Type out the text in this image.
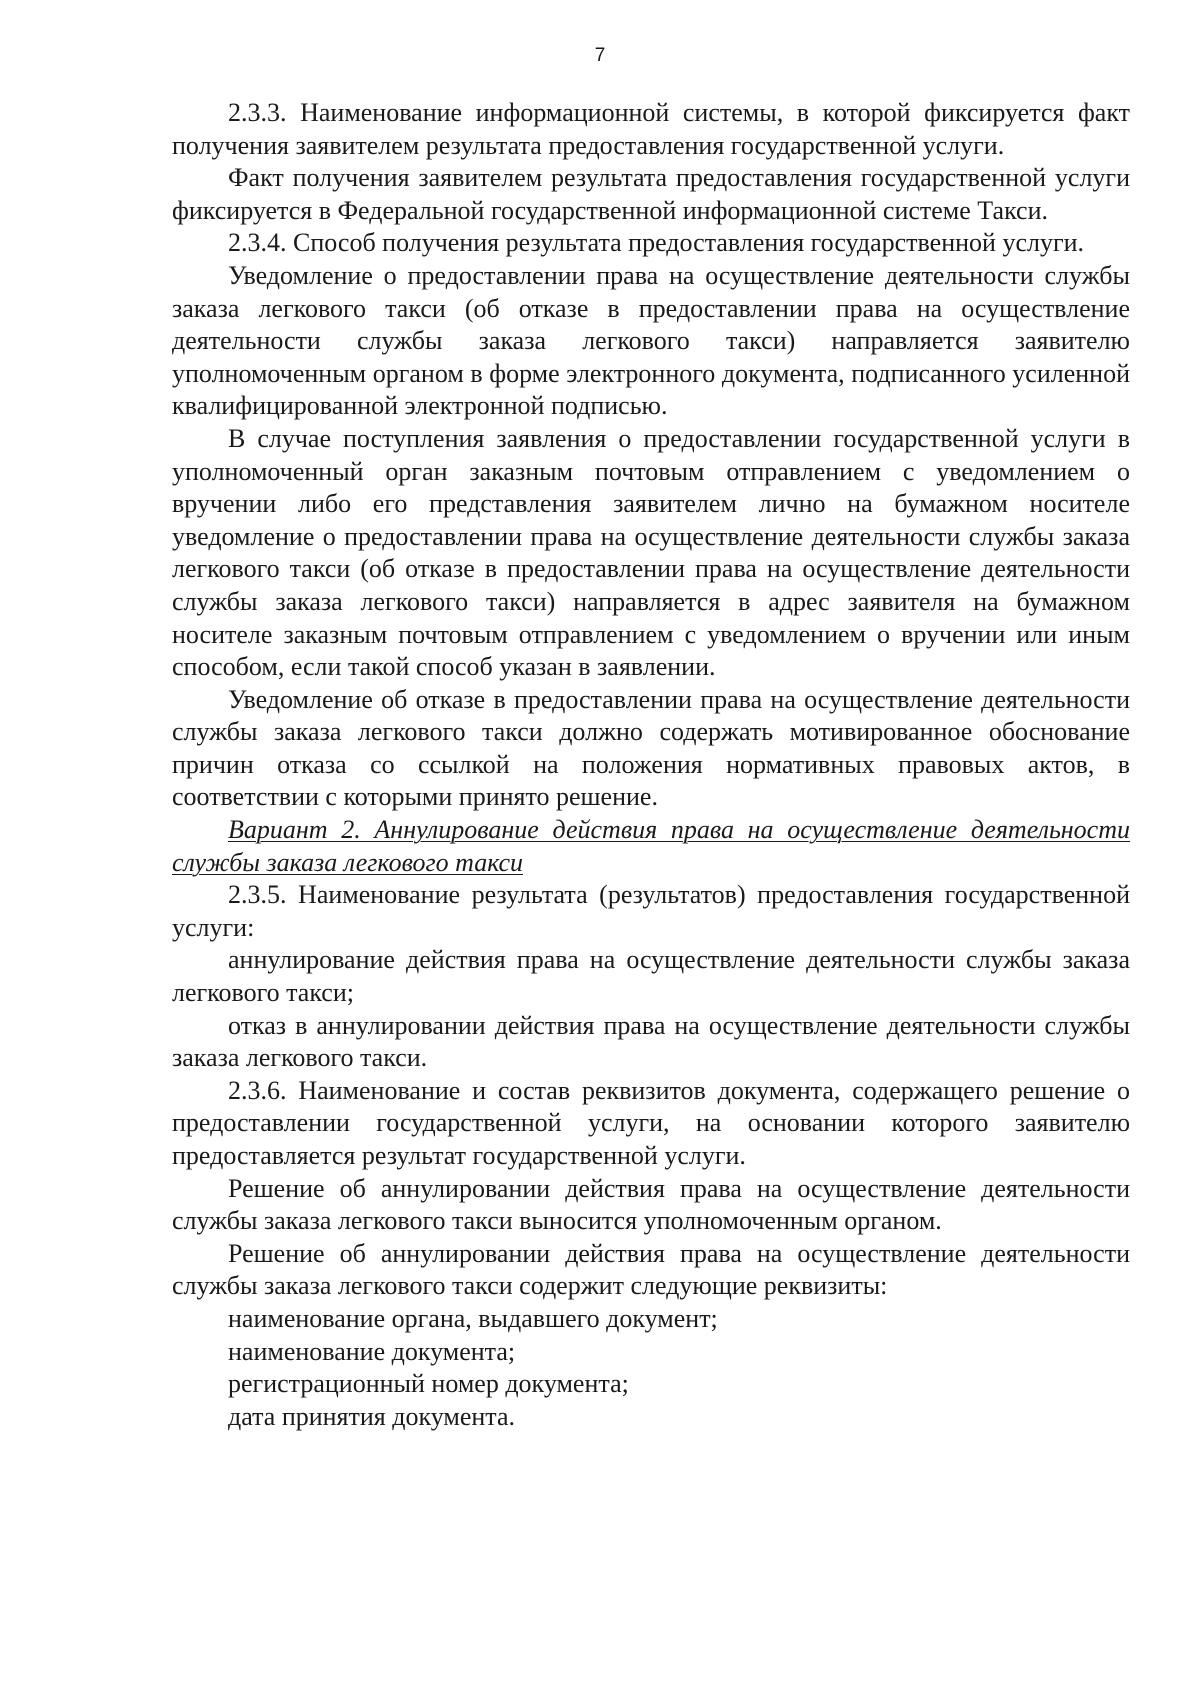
7

2.3.3. Наименование информационной системы, в которой фиксируется факт получения заявителем результата предоставления государственной услуги.

Факт получения заявителем результата предоставления государственной услуги фиксируется в Федеральной государственной информационной системе Такси.

2.3.4. Способ получения результата предоставления государственной услуги.

Уведомление о предоставлении права на осуществление деятельности службы заказа легкового такси (об отказе в предоставлении права на осуществление деятельности службы заказа легкового такси) направляется заявителю уполномоченным органом в форме электронного документа, подписанного усиленной квалифицированной электронной подписью.

В случае поступления заявления о предоставлении государственной услуги в уполномоченный орган заказным почтовым отправлением с уведомлением о вручении либо его представления заявителем лично на бумажном носителе уведомление о предоставлении права на осуществление деятельности службы заказа легкового такси (об отказе в предоставлении права на осуществление деятельности службы заказа легкового такси) направляется в адрес заявителя на бумажном носителе заказным почтовым отправлением с уведомлением о вручении или иным способом, если такой способ указан в заявлении.

Уведомление об отказе в предоставлении права на осуществление деятельности службы заказа легкового такси должно содержать мотивированное обоснование причин отказа со ссылкой на положения нормативных правовых актов, в соответствии с которыми принято решение.

Вариант 2. Аннулирование действия права на осуществление деятельности службы заказа легкового такси

2.3.5. Наименование результата (результатов) предоставления государственной услуги:

аннулирование действия права на осуществление деятельности службы заказа легкового такси;

отказ в аннулировании действия права на осуществление деятельности службы заказа легкового такси.

2.3.6. Наименование и состав реквизитов документа, содержащего решение о предоставлении государственной услуги, на основании которого заявителю предоставляется результат государственной услуги.

Решение об аннулировании действия права на осуществление деятельности службы заказа легкового такси выносится уполномоченным органом.

Решение об аннулировании действия права на осуществление деятельности службы заказа легкового такси содержит следующие реквизиты:

наименование органа, выдавшего документ;

наименование документа;

регистрационный номер документа;

дата принятия документа.
